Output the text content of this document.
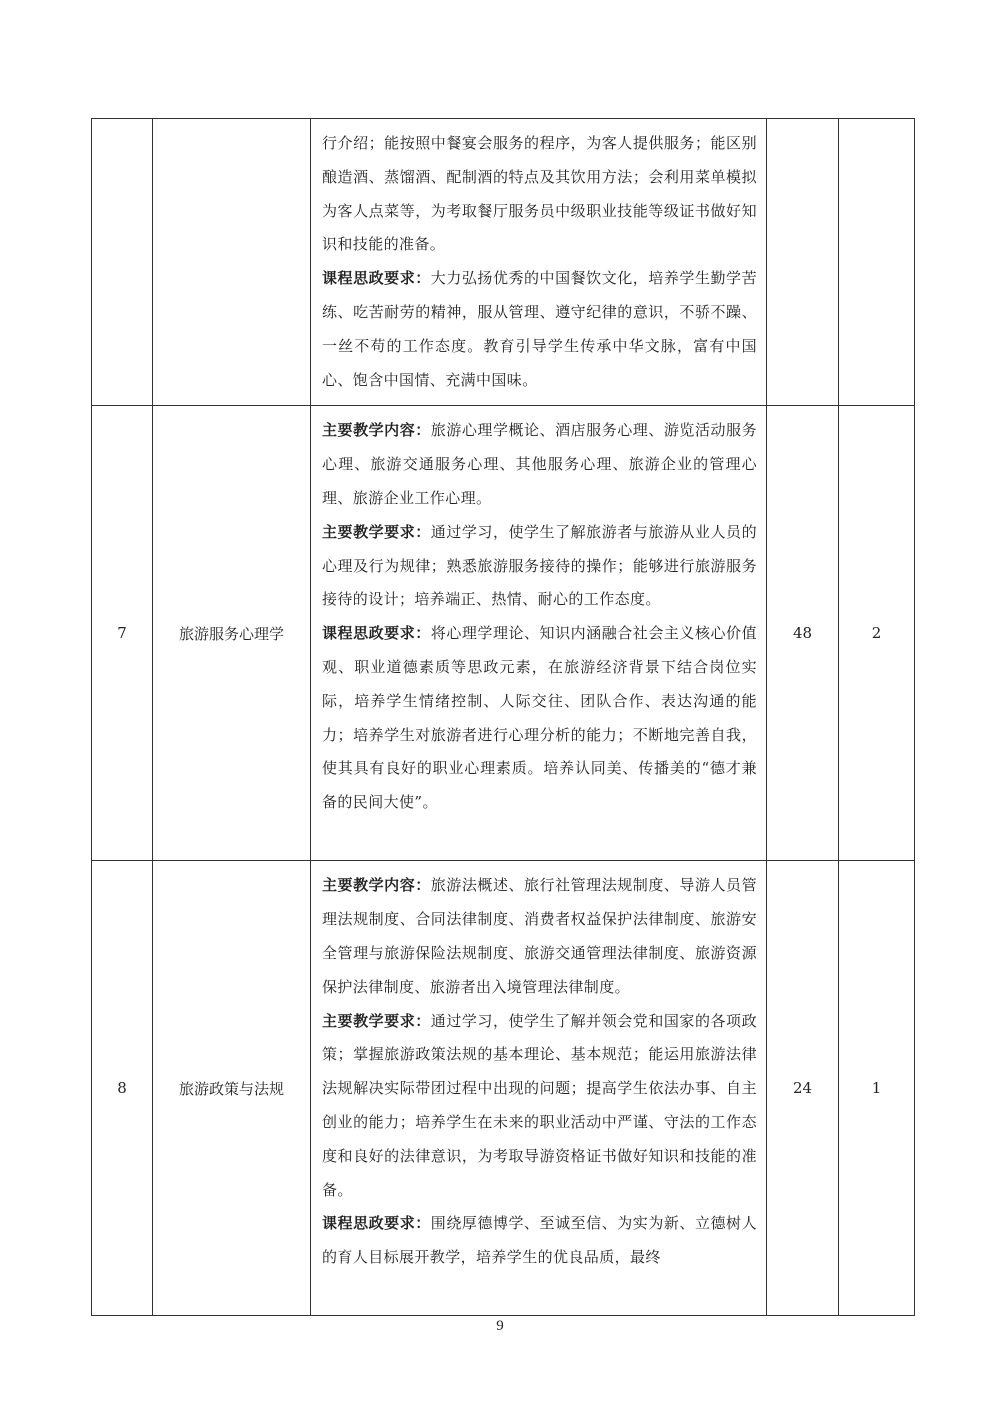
		行介绍；能按照中餐宴会服务的程序，为客人提供服务；能区别酿造酒、蒸馏酒、配制酒的特点及其饮用方法；会利用菜单模拟为客人点菜等，为考取餐厅服务员中级职业技能等级证书做好知识和技能的准备。

课程思政要求：大力弘扬优秀的中国餐饮文化，培养学生勤学苦练、吃苦耐劳的精神，服从管理、遵守纪律的意识，不骄不躁、一丝不苟的工作态度。教育引导学生传承中华文脉，富有中国心、饱含中国情、充满中国味。		

7	旅游服务心理学	主要教学内容：旅游心理学概论、酒店服务心理、游览活动服务心理、旅游交通服务心理、其他服务心理、旅游企业的管理心理、旅游企业工作心理。

主要教学要求：通过学习，使学生了解旅游者与旅游从业人员的心理及行为规律；熟悉旅游服务接待的操作；能够进行旅游服务接待的设计；培养端正、热情、耐心的工作态度。

课程思政要求：将心理学理论、知识内涵融合社会主义核心价值观、职业道德素质等思政元素，在旅游经济背景下结合岗位实际，培养学生情绪控制、人际交往、团队合作、表达沟通的能力；培养学生对旅游者进行心理分析的能力；不断地完善自我，使其具有良好的职业心理素质。培养认同美、传播美的“德才兼备的民间大使”。	48	2
8	旅游政策与法规	主要教学内容：旅游法概述、旅行社管理法规制度、导游人员管理法规制度、合同法律制度、消费者权益保护法律制度、旅游安全管理与旅游保险法规制度、旅游交通管理法律制度、旅游资源保护法律制度、旅游者出入境管理法律制度。

主要教学要求：通过学习，使学生了解并领会党和国家的各项政策；掌握旅游政策法规的基本理论、基本规范；能运用旅游法律法规解决实际带团过程中出现的问题；提高学生依法办事、自主创业的能力；培养学生在未来的职业活动中严谨、守法的工作态度和良好的法律意识，为考取导游资格证书做好知识和技能的准备。

课程思政要求：围绕厚德博学、至诚至信、为实为新、立德树人的育人目标展开教学，培养学生的优良品质，最终	24	1
9
